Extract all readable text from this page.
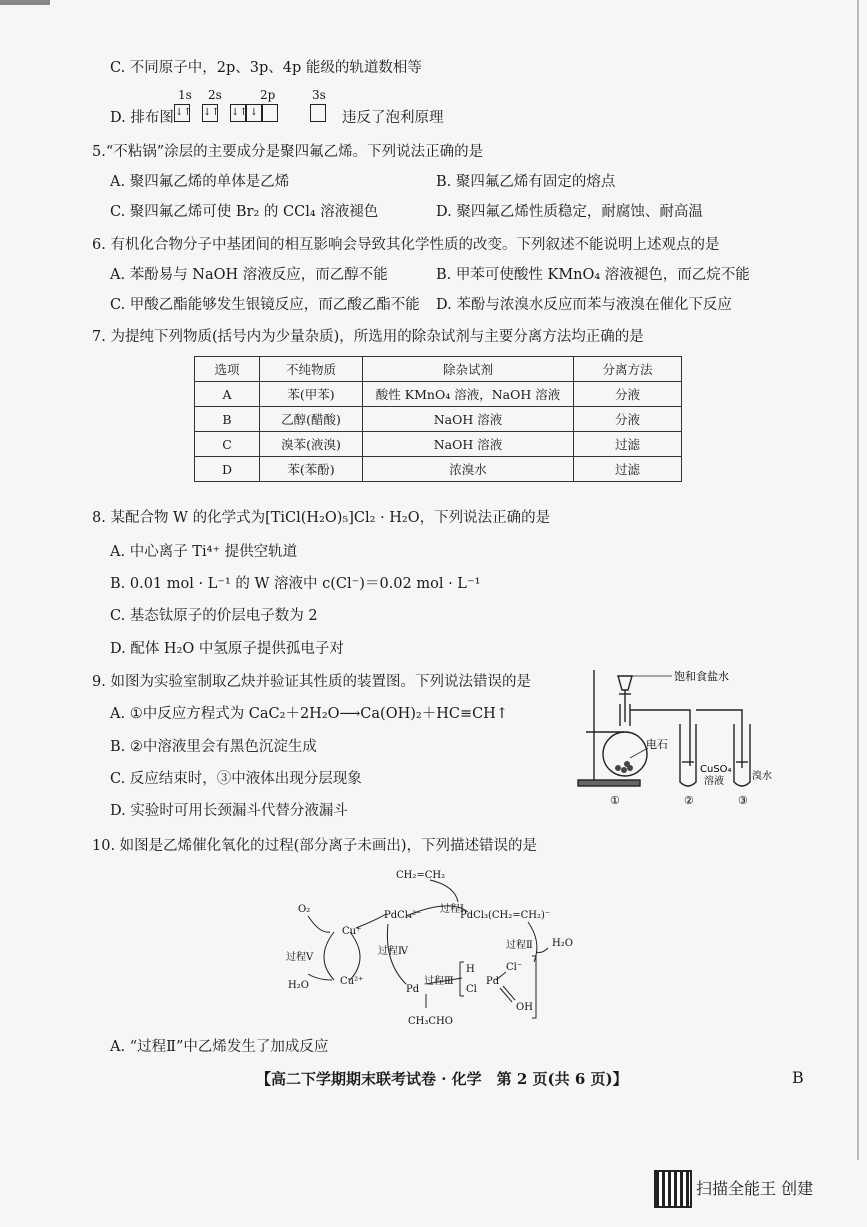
C. 不同原子中，2p、3p、4p 能级的轨道数相等
D. 排布图
1s 2s	2p	3s
↓↑ ↓↑ ↓↑ ↓	违反了泡利原理
5.“不粘锅”涂层的主要成分是聚四氟乙烯。下列说法正确的是
A. 聚四氟乙烯的单体是乙烯	B. 聚四氟乙烯有固定的熔点
C. 聚四氟乙烯可使 Br₂ 的 CCl₄ 溶液褪色	D. 聚四氟乙烯性质稳定，耐腐蚀、耐高温
6. 有机化合物分子中基团间的相互影响会导致其化学性质的改变。下列叙述不能说明上述观点的是
A. 苯酚易与 NaOH 溶液反应，而乙醇不能	B. 甲苯可使酸性 KMnO₄ 溶液褪色，而乙烷不能
C. 甲酸乙酯能够发生银镜反应，而乙酸乙酯不能 D. 苯酚与浓溴水反应而苯与液溴在催化下反应
7. 为提纯下列物质(括号内为少量杂质)，所选用的除杂试剂与主要分离方法均正确的是
选项	不纯物质	除杂试剂	分离方法
A	苯(甲苯)	酸性 KMnO₄ 溶液，NaOH 溶液	分液
B	乙醇(醋酸)	NaOH 溶液	分液
C	溴苯(液溴)	NaOH 溶液	过滤
D	苯(苯酚)	浓溴水	过滤
8. 某配合物 W 的化学式为[TiCl(H₂O)₅]Cl₂ · H₂O，下列说法正确的是
A. 中心离子 Ti⁴⁺ 提供空轨道
B. 0.01 mol · L⁻¹ 的 W 溶液中 c(Cl⁻)＝0.02 mol · L⁻¹
C. 基态钛原子的价层电子数为 2
D. 配体 H₂O 中氢原子提供孤电子对
9. 如图为实验室制取乙炔并验证其性质的装置图。下列说法错误的是
A. ①中反应方程式为 CaC₂＋2H₂O⟶Ca(OH)₂＋HC≡CH↑
B. ②中溶液里会有黑色沉淀生成
C. 反应结束时，③中液体出现分层现象
D. 实验时可用长颈漏斗代替分液漏斗
饱和食盐水
电石
CuSO₄
溶液	溴水
①	②	③
10. 如图是乙烯催化氧化的过程(部分离子未画出)，下列描述错误的是
CH₂=CH₂
PdCl₄²⁻	PdCl₃(CH₂=CH₂)⁻
过程Ⅰ
过程Ⅱ H₂O
过程Ⅲ
过程Ⅳ
过程Ⅴ
O₂
Cu⁺
Cu²⁺
H₂O	Pd
CH₃CHO
H
Cl
Pd
Cl⁻
OH
A. “过程Ⅱ”中乙烯发生了加成反应
【高二下学期期末联考试卷 · 化学　第 2 页(共 6 页)】	B
扫描全能王 创建
